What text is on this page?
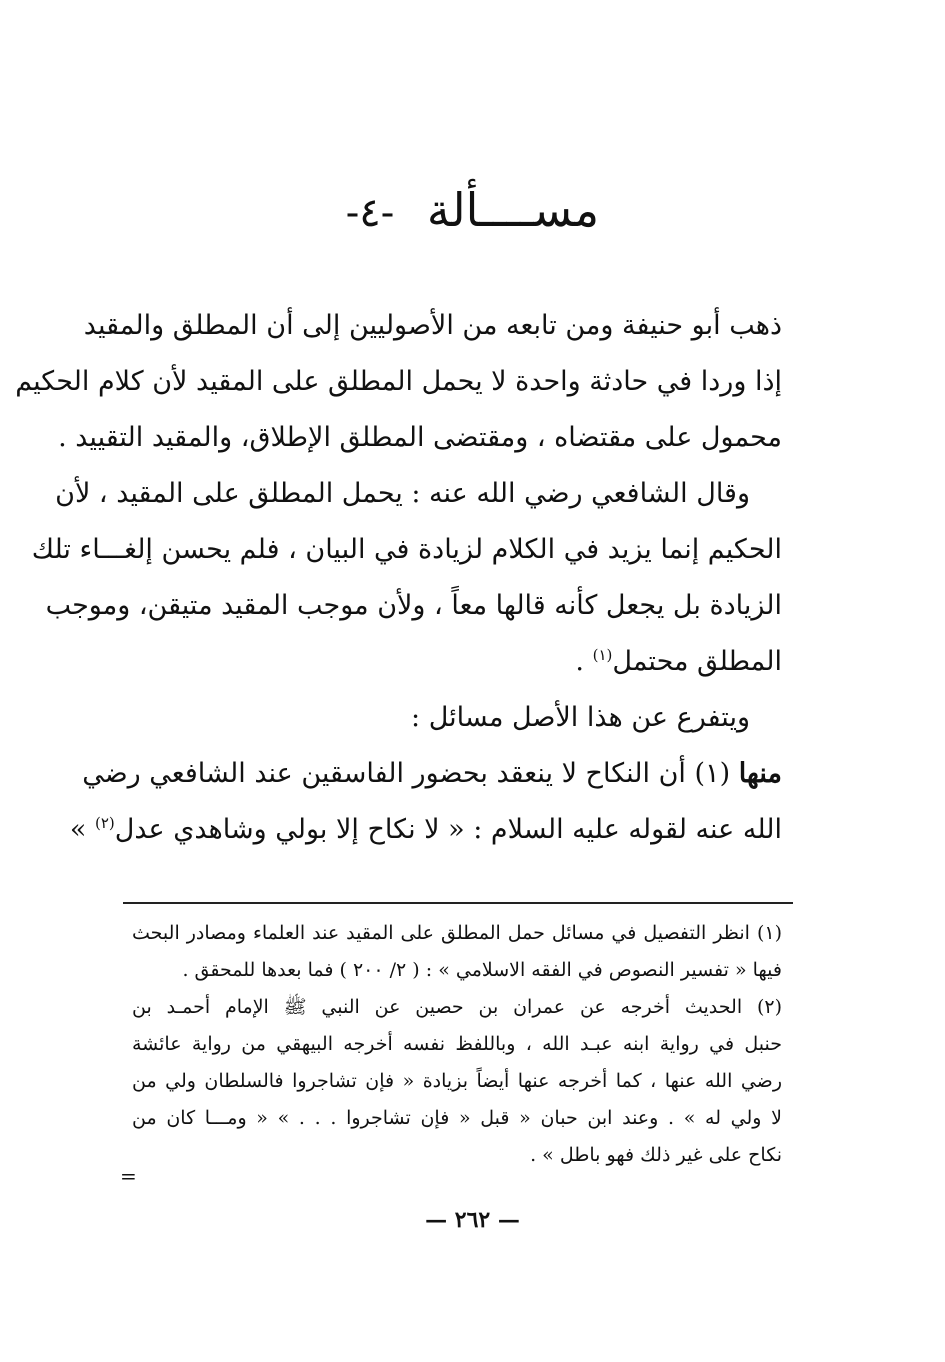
مســــألة -٤-
ذهب أبو حنيفة ومن تابعه من الأصوليين إلى أن المطلق والمقيد
إذا وردا في حادثة واحدة لا يحمل المطلق على المقيد لأن كلام الحكيم
محمول على مقتضاه ، ومقتضى المطلق الإطلاق، والمقيد التقييد .
وقال الشافعي رضي الله عنه : يحمل المطلق على المقيد ، لأن
الحكيم إنما يزيد في الكلام لزيادة في البيان ، فلم يحسن إلغـــاء تلك
الزيادة بل يجعل كأنه قالها معاً ، ولأن موجب المقيد متيقن، وموجب
المطلق محتمل$^{(١)}$ .
ويتفرع عن هذا الأصل مسائل :
منها (١) أن النكاح لا ينعقد بحضور الفاسقين عند الشافعي رضي
الله عنه لقوله عليه السلام : « لا نكاح إلا بولي وشاهدي عدل$^{(٢)}$ »
(١) انظر التفصيل في مسائل حمل المطلق على المقيد عند العلماء ومصادر البحث
فيها « تفسير النصوص في الفقه الاسلامي » : ( ٢/ ٢٠٠ ) فما بعدها للمحقق .
(٢) الحديث أخرجه عن عمران بن حصين عن النبي ﷺ الإمام أحمـد بن
حنبل في رواية ابنه عبـد الله ، وباللفظ نفسه أخرجه البيهقي من رواية عائشة
رضي الله عنها ، كما أخرجه عنها أيضاً بزيادة « فإن تشاجروا فالسلطان ولي من
لا ولي له » . وعند ابن حبان « قبل « فإن تشاجروا . . . » « ومـــا كان من
نكاح على غير ذلك فهو باطل » .
=
— ٢٦٢ —
